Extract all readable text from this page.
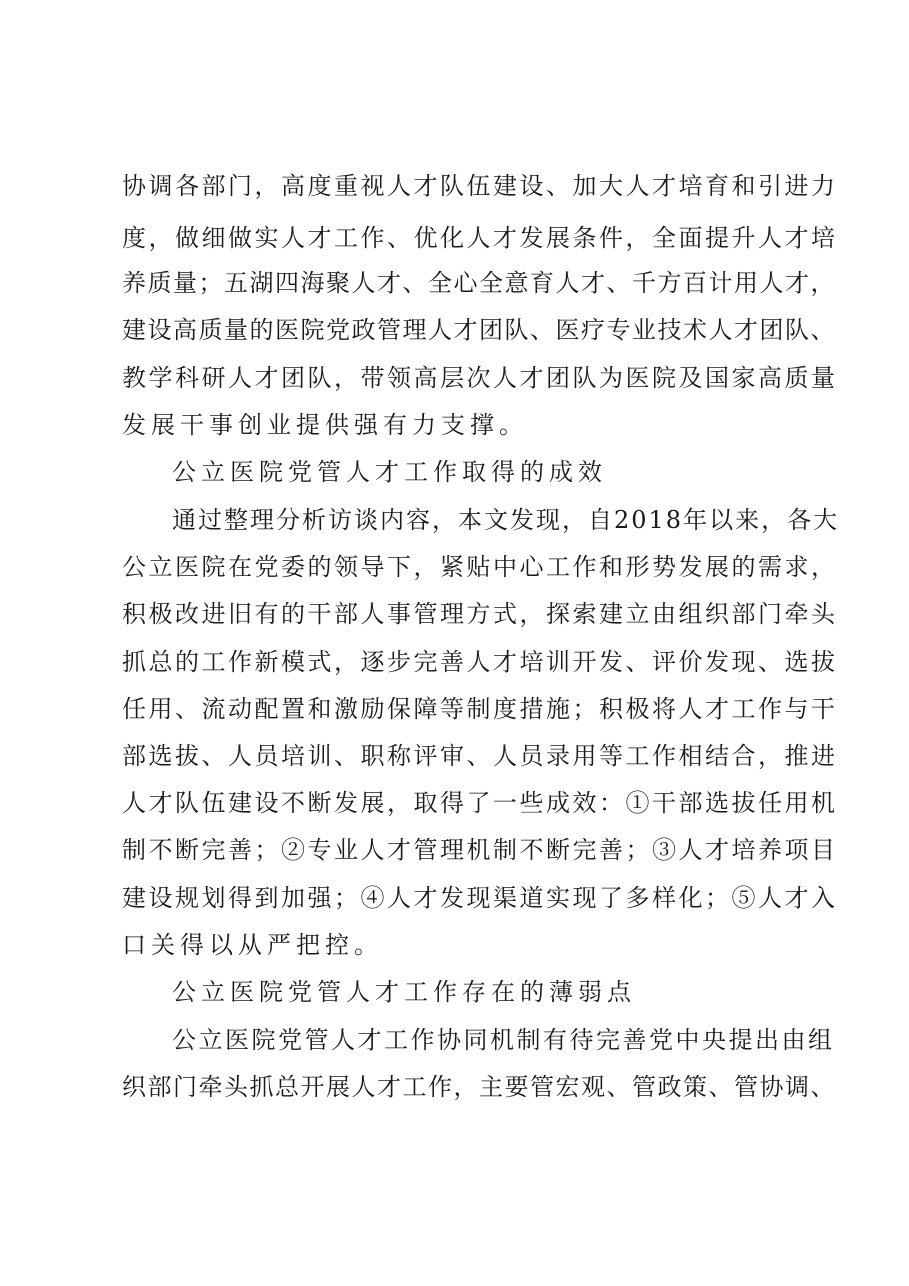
协调各部门，高度重视人才队伍建设、加大人才培育和引进力
度，做细做实人才工作、优化人才发展条件，全面提升人才培
养质量；五湖四海聚人才、全心全意育人才、千方百计用人才，
建设高质量的医院党政管理人才团队、医疗专业技术人才团队、
教学科研人才团队，带领高层次人才团队为医院及国家高质量
发展干事创业提供强有力支撑。
公立医院党管人才工作取得的成效
通过整理分析访谈内容，本文发现，自2018年以来，各大
公立医院在党委的领导下，紧贴中心工作和形势发展的需求，
积极改进旧有的干部人事管理方式，探索建立由组织部门牵头
抓总的工作新模式，逐步完善人才培训开发、评价发现、选拔
任用、流动配置和激励保障等制度措施；积极将人才工作与干
部选拔、人员培训、职称评审、人员录用等工作相结合，推进
人才队伍建设不断发展，取得了一些成效：①干部选拔任用机
制不断完善；②专业人才管理机制不断完善；③人才培养项目
建设规划得到加强；④人才发现渠道实现了多样化；⑤人才入
口关得以从严把控。
公立医院党管人才工作存在的薄弱点
公立医院党管人才工作协同机制有待完善党中央提出由组
织部门牵头抓总开展人才工作，主要管宏观、管政策、管协调、
